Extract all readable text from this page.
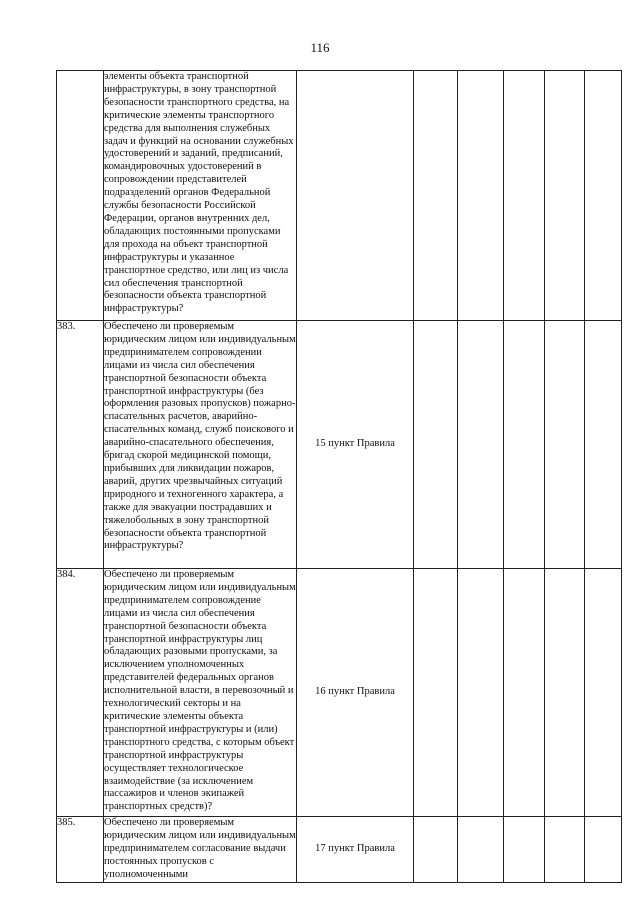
116

	элементы объекта транспортной инфраструктуры, в зону транспортной безопасности транспортного средства, на критические элементы транспортного средства для выполнения служебных задач и функций на основании служебных удостоверений и заданий, предписаний, командировочных удостоверений в сопровождении представителей подразделений органов Федеральной службы безопасности Российской Федерации, органов внутренних дел, обладающих постоянными пропусками для прохода на объект транспортной инфраструктуры и указанное транспортное средство, или лиц из числа сил обеспечения транспортной безопасности объекта транспортной инфраструктуры?						

383.	Обеспечено ли проверяемым юридическим лицом или индивидуальным предпринимателем сопровождении лицами из числа сил обеспечения транспортной безопасности объекта транспортной инфраструктуры (без оформления разовых пропусков) пожарно-спасательных расчетов, аварийно-спасательных команд, служб поискового и аварийно-спасательного обеспечения, бригад скорой медицинской помощи, прибывших для ликвидации пожаров, аварий, других чрезвычайных ситуаций природного и техногенного характера, а также для эвакуации пострадавших и тяжелобольных в зону транспортной безопасности объекта транспортной инфраструктуры?	15 пункт Правила					
384.	Обеспечено ли проверяемым юридическим лицом или индивидуальным предпринимателем сопровождение лицами из числа сил обеспечения транспортной безопасности объекта транспортной инфраструктуры лиц обладающих разовыми пропусками, за исключением уполномоченных представителей федеральных органов исполнительной власти, в перевозочный и технологический секторы и на критические элементы объекта транспортной инфраструктуры и (или) транспортного средства, с которым объект транспортной инфраструктуры осуществляет технологическое взаимодействие (за исключением пассажиров и членов экипажей транспортных средств)?	16 пункт Правила					
385.	Обеспечено ли проверяемым юридическим лицом или индивидуальным предпринимателем согласование выдачи постоянных пропусков с уполномоченными	17 пункт Правила					
